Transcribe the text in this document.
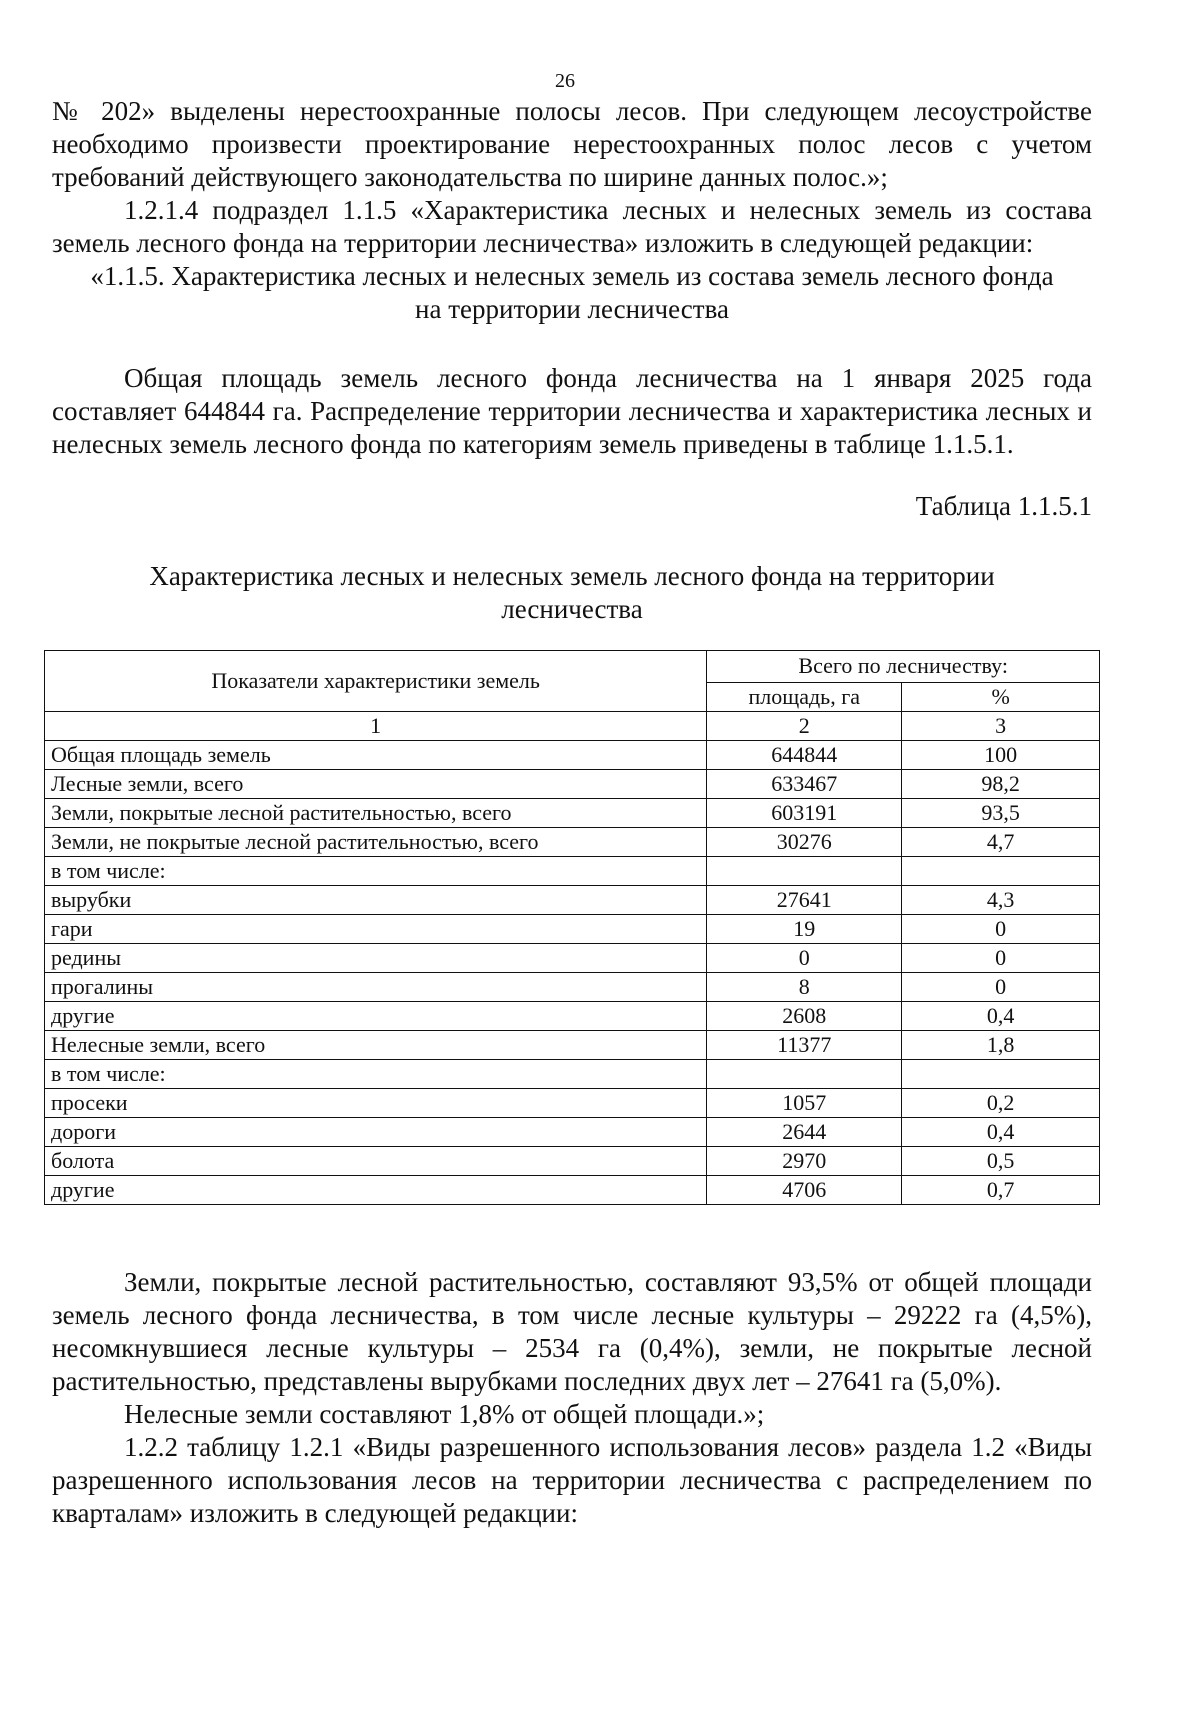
26

№ 202» выделены нерестоохранные полосы лесов. При следующем лесоустройстве необходимо произвести проектирование нерестоохранных полос лесов с учетом требований действующего законодательства по ширине данных полос.»;

1.2.1.4 подраздел 1.1.5 «Характеристика лесных и нелесных земель из состава земель лесного фонда на территории лесничества» изложить в следующей редакции:

«1.1.5. Характеристика лесных и нелесных земель из состава земель лесного фонда

на территории лесничества

Общая площадь земель лесного фонда лесничества на 1 января 2025 года составляет 644844 га. Распределение территории лесничества и характеристика лесных и нелесных земель лесного фонда по категориям земель приведены в таблице 1.1.5.1.

Таблица 1.1.5.1

Характеристика лесных и нелесных земель лесного фонда на территории

лесничества

Показатели характеристики земель	Всего по лесничеству:	
	площадь, га	%
1	2	3
Общая площадь земель	644844	100
Лесные земли, всего	633467	98,2
Земли, покрытые лесной растительностью, всего	603191	93,5
Земли, не покрытые лесной растительностью, всего	30276	4,7
в том числе:		
вырубки	27641	4,3
гари	19	0
редины	0	0
прогалины	8	0
другие	2608	0,4
Нелесные земли, всего	11377	1,8
в том числе:		
просеки	1057	0,2
дороги	2644	0,4
болота	2970	0,5
другие	4706	0,7

Земли, покрытые лесной растительностью, составляют 93,5% от общей площади земель лесного фонда лесничества, в том числе лесные культуры – 29222 га (4,5%), несомкнувшиеся лесные культуры – 2534 га (0,4%), земли, не покрытые лесной растительностью, представлены вырубками последних двух лет – 27641 га (5,0%).

Нелесные земли составляют 1,8% от общей площади.»;

1.2.2 таблицу 1.2.1 «Виды разрешенного использования лесов» раздела 1.2 «Виды разрешенного использования лесов на территории лесничества с распределением по кварталам» изложить в следующей редакции:
